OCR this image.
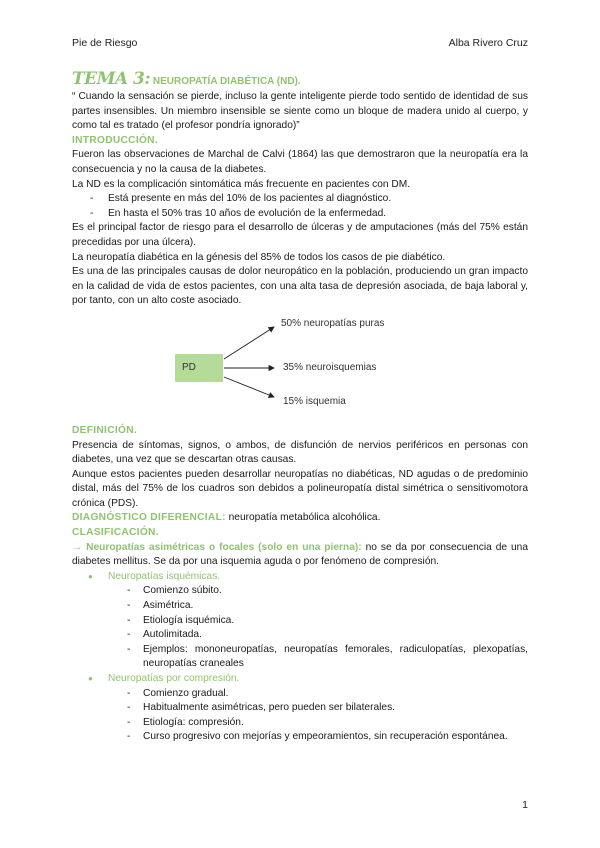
Pie de Riesgo	Alba Rivero Cruz
TEMA 3: NEUROPATÍA DIABÉTICA (ND).

“ Cuando la sensación se pierde, incluso la gente inteligente pierde todo sentido de identidad de sus partes insensibles. Un miembro insensible se siente como un bloque de madera unido al cuerpo, y como tal es tratado (el profesor pondría ignorado)”

INTRODUCCIÓN.

Fueron las observaciones de Marchal de Calvi (1864) las que demostraron que la neuropatía era la consecuencia y no la causa de la diabetes.

La ND es la complicación sintomática más frecuente en pacientes con DM.

- Está presente en más del 10% de los pacientes al diagnóstico.
- En hasta el 50% tras 10 años de evolución de la enfermedad.

Es el principal factor de riesgo para el desarrollo de úlceras y de amputaciones (más del 75% están precedidas por una úlcera).

La neuropatía diabética en la génesis del 85% de todos los casos de pie diabético.

Es una de las principales causas de dolor neuropático en la población, produciendo un gran impacto en la calidad de vida de estos pacientes, con una alta tasa de depresión asociada, de baja laboral y, por tanto, con un alto coste asociado.

PD
50% neuropatías puras
35% neuroisquemias
15% isquemia

DEFINICIÓN.

Presencia de síntomas, signos, o ambos, de disfunción de nervios periféricos en personas con diabetes, una vez que se descartan otras causas.

Aunque estos pacientes pueden desarrollar neuropatías no diabéticas, ND agudas o de predominio distal, más del 75% de los cuadros son debidos a polineuropatía distal simétrica o sensitivomotora crónica (PDS).

DIAGNÓSTICO DIFERENCIAL: neuropatía metabólica alcohólica.

CLASIFICACIÓN.

→ Neuropatías asimétricas o focales (solo en una pierna): no se da por consecuencia de una diabetes mellitus. Se da por una isquemia aguda o por fenómeno de compresión.

● Neuropatías isquémicas.
- Comienzo súbito.
- Asimétrica.
- Etiología isquémica.
- Autolimitada.
- Ejemplos: mononeuropatías, neuropatías femorales, radiculopatías, plexopatías, neuropatías craneales
● Neuropatías por compresión.
- Comienzo gradual.
- Habitualmente asimétricas, pero pueden ser bilaterales.
- Etiología: compresión.
- Curso progresivo con mejorías y empeoramientos, sin recuperación espontánea.
1
